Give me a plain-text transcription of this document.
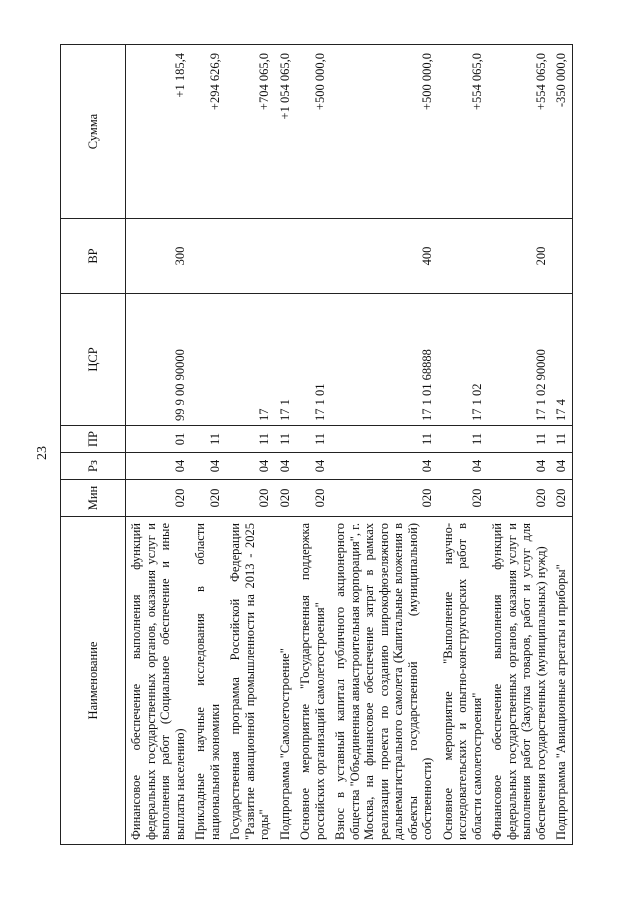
23
Наименование	Мин	Рз	ПР	ЦСР	ВР	Сумма
Финансовое обеспечение выполнения функций федеральных государственных органов, оказания услуг и выполнения работ (Социальное обеспечение и иные выплаты населению)	020	04	01	99 9 00 90000	300	+1 185,4
Прикладные научные исследования в области национальной экономики	020	04	11			+294 626,9
Государственная программа Российской Федерации "Развитие авиационной промышленности на 2013 - 2025 годы"	020	04	11	17		+704 065,0
Подпрограмма "Самолетостроение"	020	04	11	17 1		+1 054 065,0
Основное мероприятие "Государственная поддержка российских организаций самолетостроения"	020	04	11	17 1 01		+500 000,0
Взнос в уставный капитал публичного акционерного общества "Объединенная авиастроительная корпорация", г. Москва, на финансовое обеспечение затрат в рамках реализации проекта по созданию широкофюзеляжного дальнемагистрального самолета (Капитальные вложения в объекты государственной (муниципальной) собственности)	020	04	11	17 1 01 68888	400	+500 000,0
Основное мероприятие "Выполнение научно-исследовательских и опытно-конструкторских работ в области самолетостроения"	020	04	11	17 1 02		+554 065,0
Финансовое обеспечение выполнения функций федеральных государственных органов, оказания услуг и выполнения работ (Закупка товаров, работ и услуг для обеспечения государственных (муниципальных) нужд)	020	04	11	17 1 02 90000	200	+554 065,0
Подпрограмма "Авиационные агрегаты и приборы"	020	04	11	17 4		-350 000,0
